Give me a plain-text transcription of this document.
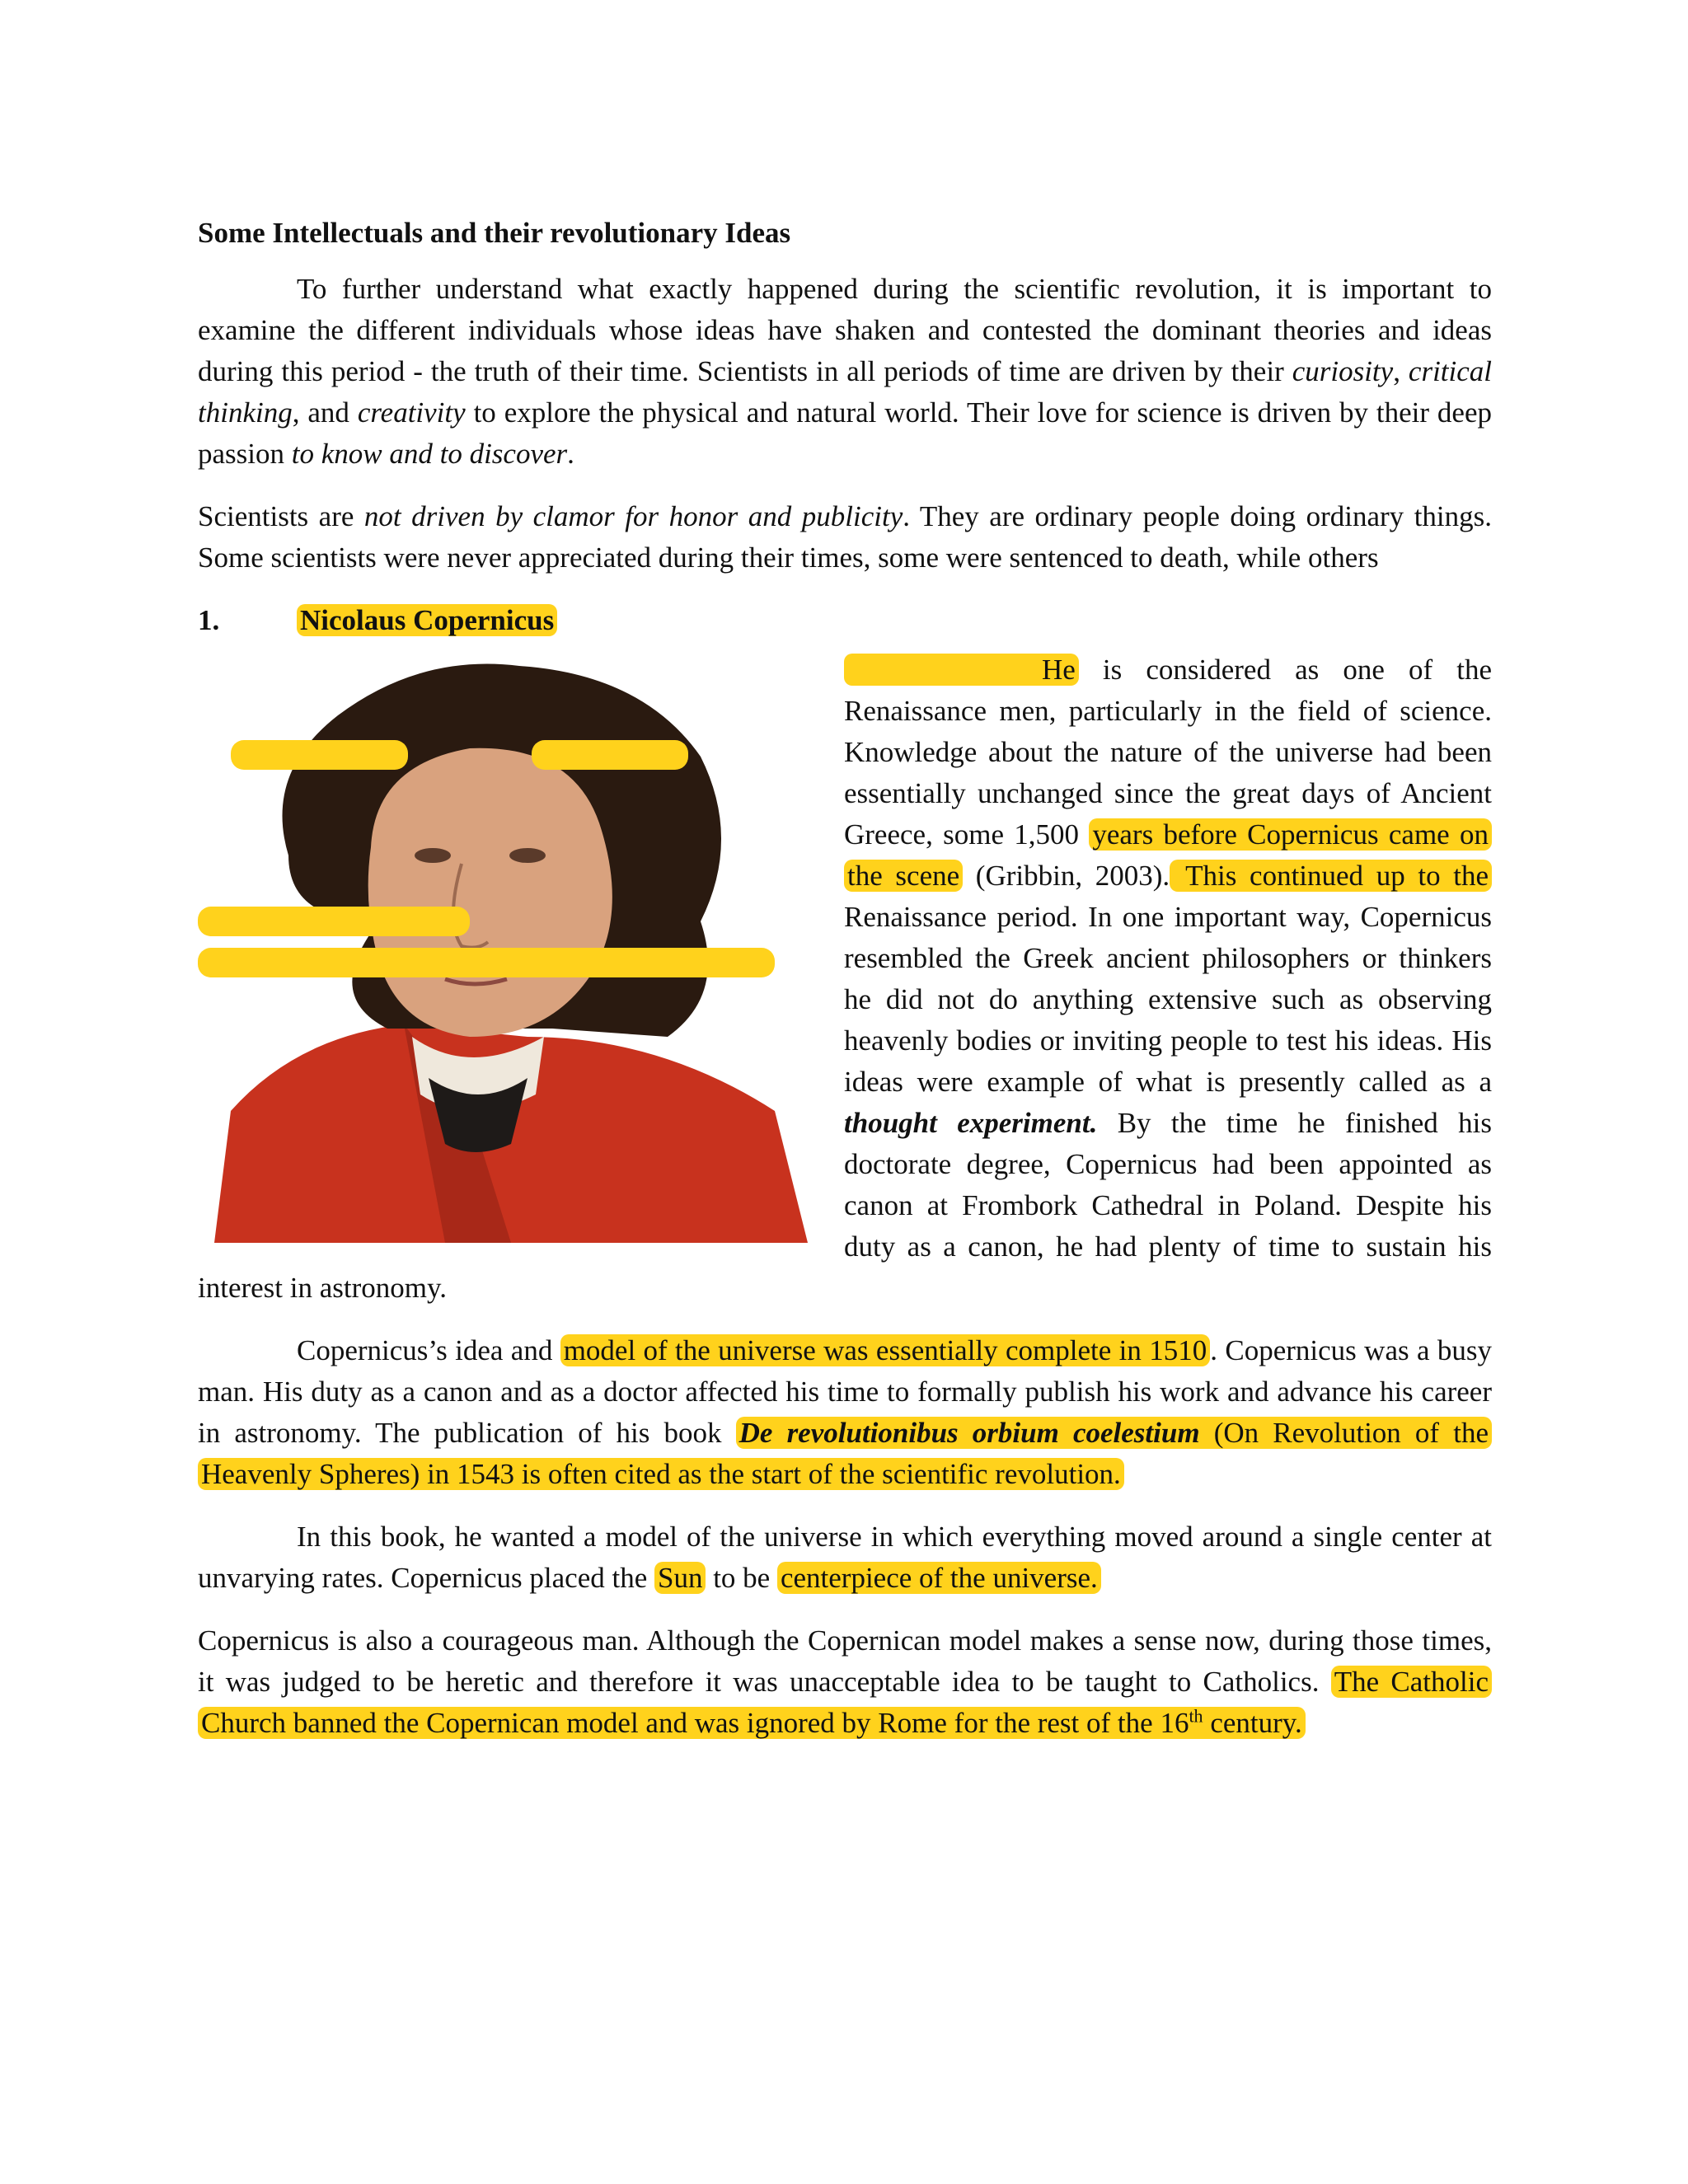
Some Intellectuals and their revolutionary Ideas

To further understand what exactly happened during the scientific revolution, it is important to examine the different individuals whose ideas have shaken and contested the dominant theories and ideas during this period - the truth of their time. Scientists in all periods of time are driven by their curiosity, critical thinking, and creativity to explore the physical and natural world. Their love for science is driven by their deep passion to know and to discover.

Scientists are not driven by clamor for honor and publicity. They are ordinary people doing ordinary things. Some scientists were never appreciated during their times, some were sentenced to death, while others

1.	Nicolaus Copernicus

He is considered as one of the Renaissance men, particularly in the field of science. Knowledge about the nature of the universe had been essentially unchanged since the great days of Ancient Greece, some 1,500 years before Copernicus came on the scene (Gribbin, 2003). This continued up to the Renaissance period. In one important way, Copernicus resembled the Greek ancient philosophers or thinkers he did not do anything extensive such as observing heavenly bodies or inviting people to test his ideas. His ideas were example of what is presently called as a thought experiment. By the time he finished his doctorate degree, Copernicus had been appointed as canon at Frombork Cathedral in Poland. Despite his duty as a canon, he had plenty of time to sustain his interest in astronomy.

Copernicus’s idea and model of the universe was essentially complete in 1510 . Copernicus was a busy man. His duty as a canon and as a doctor affected his time to formally publish his work and advance his career in astronomy. The publication of his book De revolutionibus orbium coelestium (On Revolution of the Heavenly Spheres) in 1543 is often cited as the start of the scientific revolution.

In this book, he wanted a model of the universe in which everything moved around a single center at unvarying rates. Copernicus placed the Sun to be centerpiece of the universe.

Copernicus is also a courageous man. Although the Copernican model makes a sense now, during those times, it was judged to be heretic and therefore it was unacceptable idea to be taught to Catholics. The Catholic Church banned the Copernican model and was ignored by Rome for the rest of the 16th century.
